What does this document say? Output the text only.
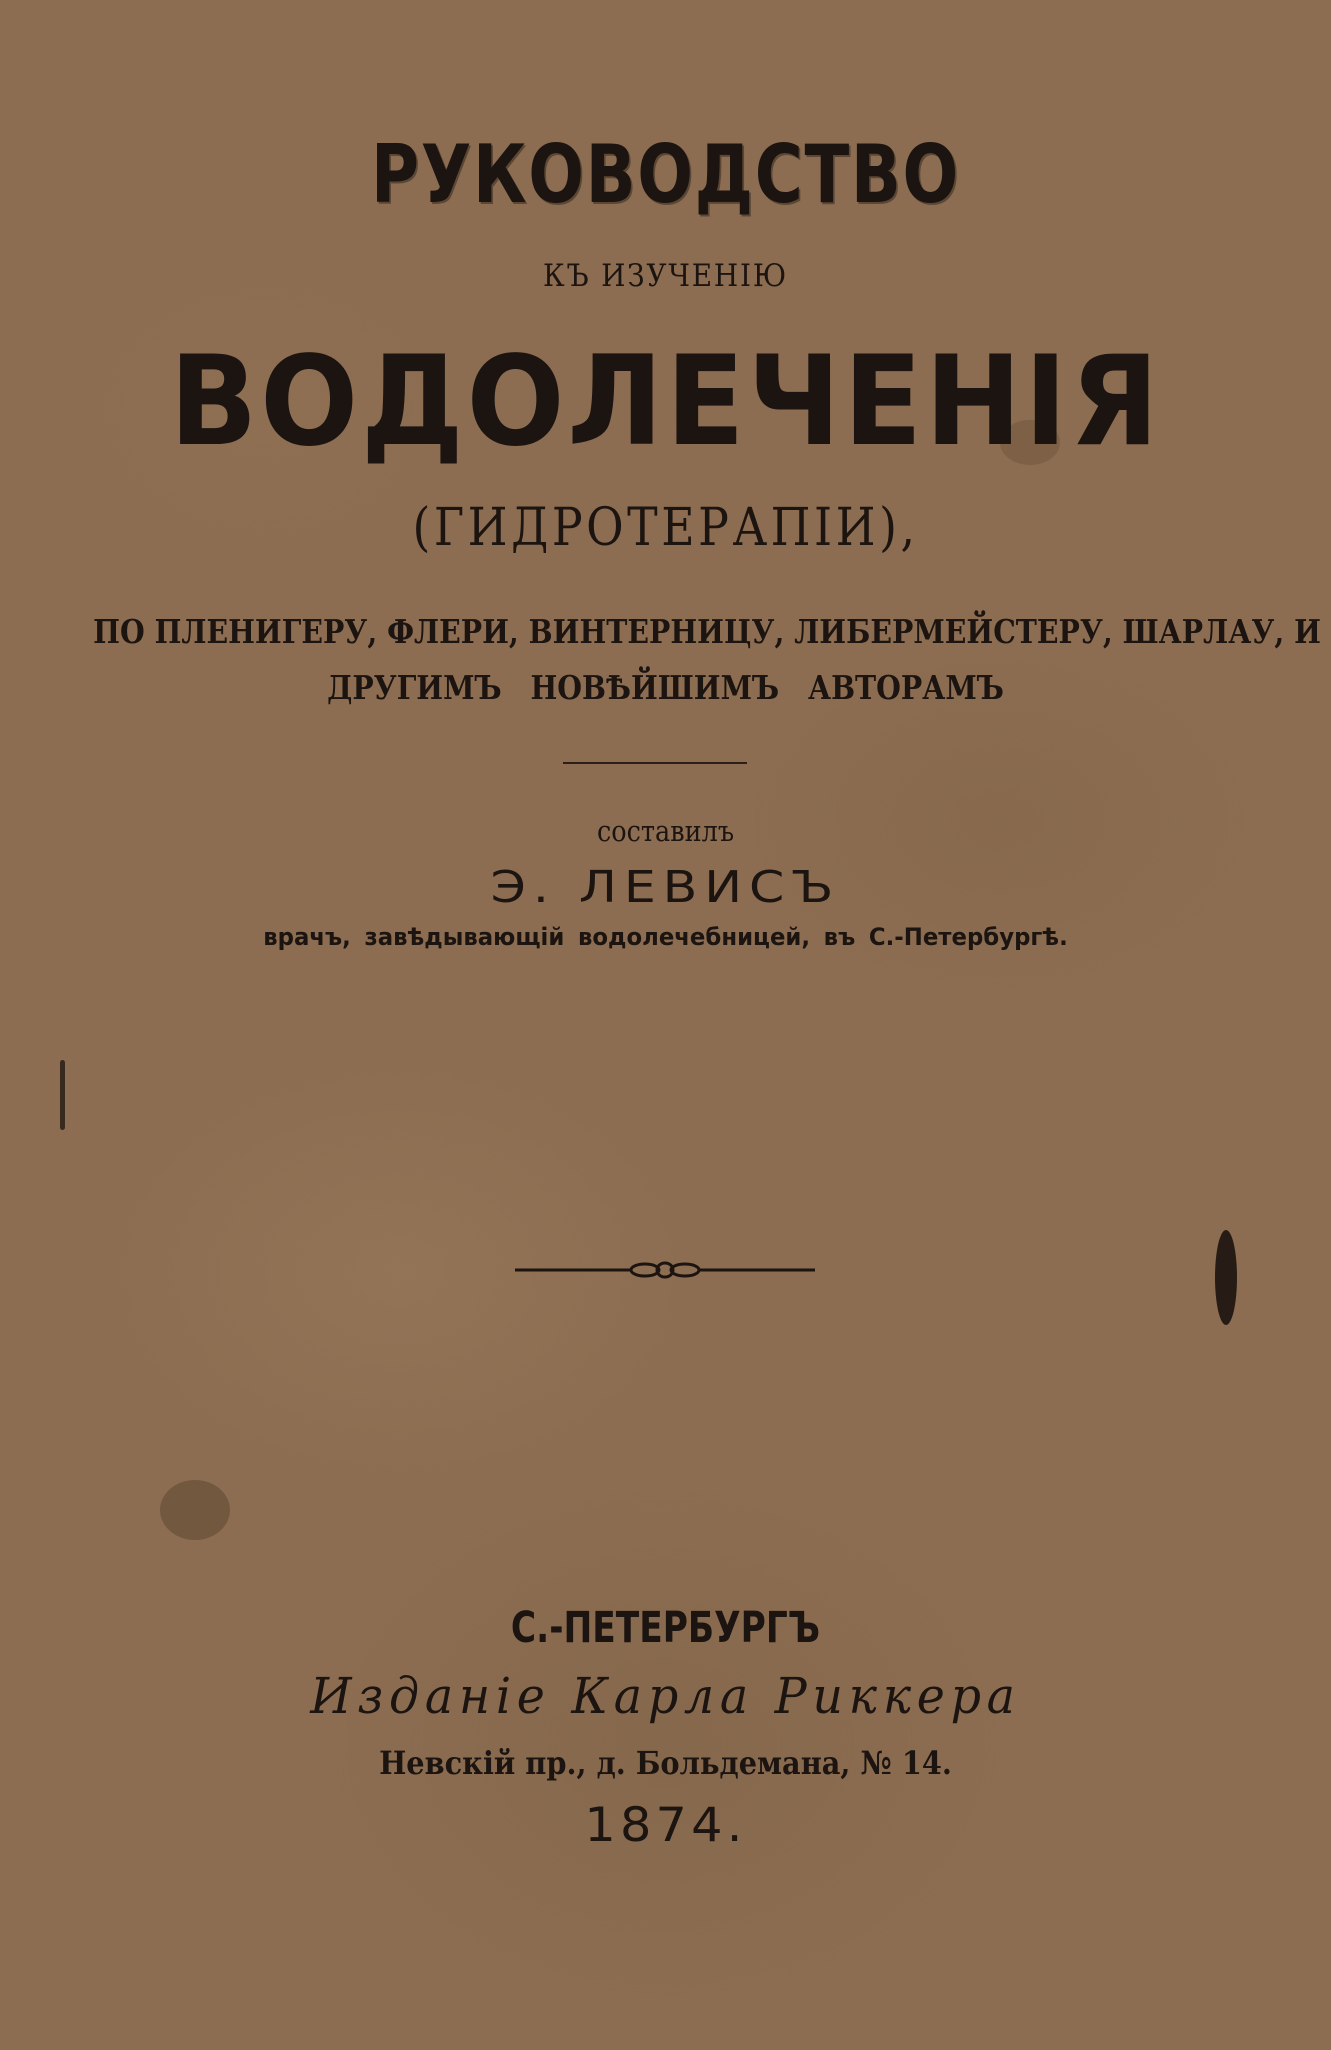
РУКОВОДСТВО
КЪ ИЗУЧЕНІЮ
ВОДОЛЕЧЕНІЯ
(ГИДРОТЕРАПІИ),
ПО ПЛЕНИГЕРУ, ФЛЕРИ, ВИНТЕРНИЦУ, ЛИБЕРМЕЙСТЕРУ, ШАРЛАУ, И
ДРУГИМЪ НОВѢЙШИМЪ АВТОРАМЪ
составилъ
Э. ЛЕВИСЪ
врачъ, завѣдывающій водолечебницей, въ С.-Петербургѣ.
С.-ПЕТЕРБУРГЪ
Изданіе Карла Риккера
Невскій пр., д. Больдемана, № 14.
1874.
